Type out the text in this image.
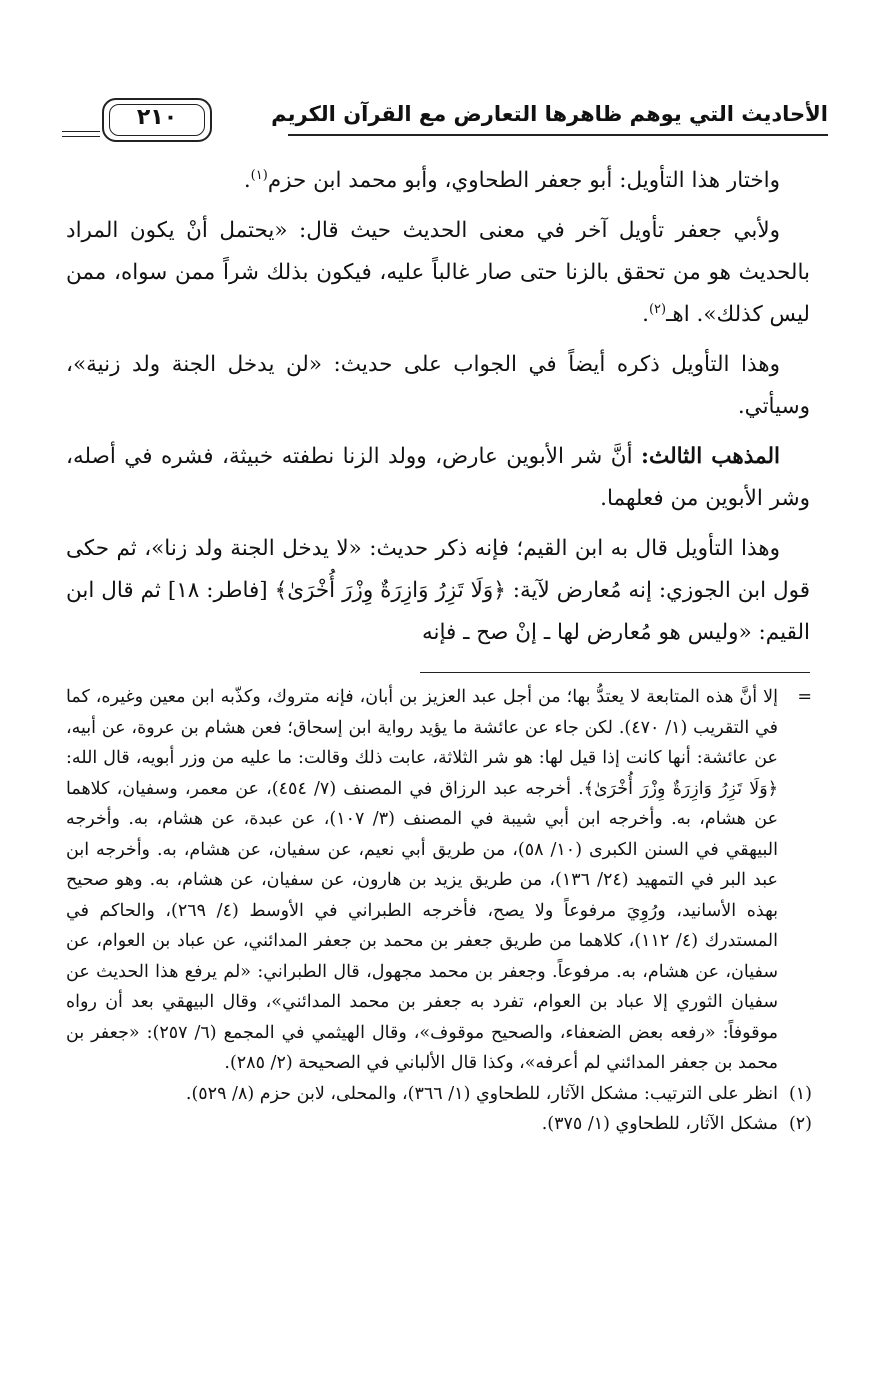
الأحاديث التي يوهم ظاهرها التعارض مع القرآن الكريم
٢١٠

واختار هذا التأويل: أبو جعفر الطحاوي، وأبو محمد ابن حزم$^{(١)}$.

ولأبي جعفر تأويل آخر في معنى الحديث حيث قال: «يحتمل أنْ يكون المراد بالحديث هو من تحقق بالزنا حتى صار غالباً عليه، فيكون بذلك شراً ممن سواه، ممن ليس كذلك». اهـ$^{(٢)}$.

وهذا التأويل ذكره أيضاً في الجواب على حديث: «لن يدخل الجنة ولد زنية»، وسيأتي.

المذهب الثالث: أنَّ شر الأبوين عارض، وولد الزنا نطفته خبيثة، فشره في أصله، وشر الأبوين من فعلهما.

وهذا التأويل قال به ابن القيم؛ فإنه ذكر حديث: «لا يدخل الجنة ولد زنا»، ثم حكى قول ابن الجوزي: إنه مُعارض لآية: ﴿وَلَا تَزِرُ وَازِرَةٌ وِزْرَ أُخْرَىٰ﴾ [فاطر: ١٨] ثم قال ابن القيم: «وليس هو مُعارض لها ـ إنْ صح ـ فإنه

=
إلا أنَّ هذه المتابعة لا يعتدُّ بها؛ من أجل عبد العزيز بن أبان، فإنه متروك، وكذّبه ابن معين وغيره، كما في التقريب (١/ ٤٧٠). لكن جاء عن عائشة ما يؤيد رواية ابن إسحاق؛ فعن هشام بن عروة، عن أبيه، عن عائشة: أنها كانت إذا قيل لها: هو شر الثلاثة، عابت ذلك وقالت: ما عليه من وزر أبويه، قال الله: ﴿وَلَا تَزِرُ وَازِرَةٌ وِزْرَ أُخْرَىٰ﴾. أخرجه عبد الرزاق في المصنف (٧/ ٤٥٤)، عن معمر، وسفيان، كلاهما عن هشام، به. وأخرجه ابن أبي شيبة في المصنف (٣/ ١٠٧)، عن عبدة، عن هشام، به. وأخرجه البيهقي في السنن الكبرى (١٠/ ٥٨)، من طريق أبي نعيم، عن سفيان، عن هشام، به. وأخرجه ابن عبد البر في التمهيد (٢٤/ ١٣٦)، من طريق يزيد بن هارون، عن سفيان، عن هشام، به. وهو صحيح بهذه الأسانيد، ورُوِيَ مرفوعاً ولا يصح، فأخرجه الطبراني في الأوسط (٤/ ٢٦٩)، والحاكم في المستدرك (٤/ ١١٢)، كلاهما من طريق جعفر بن محمد بن جعفر المدائني، عن عباد بن العوام، عن سفيان، عن هشام، به. مرفوعاً. وجعفر بن محمد مجهول، قال الطبراني: «لم يرفع هذا الحديث عن سفيان الثوري إلا عباد بن العوام، تفرد به جعفر بن محمد المدائني»، وقال البيهقي بعد أن رواه موقوفاً: «رفعه بعض الضعفاء، والصحيح موقوف»، وقال الهيثمي في المجمع (٦/ ٢٥٧): «جعفر بن محمد بن جعفر المدائني لم أعرفه»، وكذا قال الألباني في الصحيحة (٢/ ٢٨٥).

(١)
انظر على الترتيب: مشكل الآثار، للطحاوي (١/ ٣٦٦)، والمحلى، لابن حزم (٨/ ٥٢٩).

(٢)
مشكل الآثار، للطحاوي (١/ ٣٧٥).
